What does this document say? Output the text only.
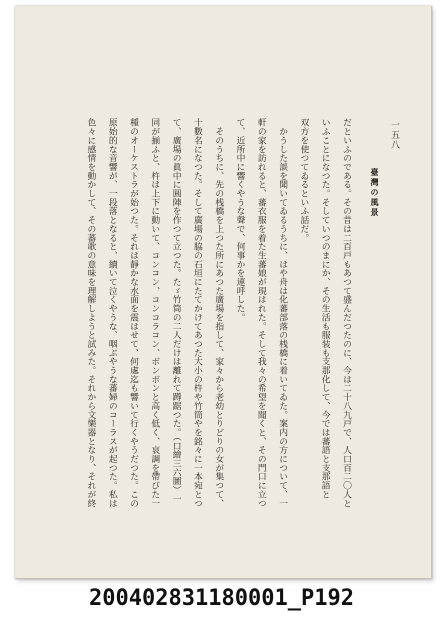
一五八
臺灣の風景

だといふのである。その昔は二百戸もあつて盛んだつたのに、今は二十八九戸で、人口百二〇人と

いふことになつた。そしていつのまにか、その生活も服装も支那化して、今では蕃語と支那語と

双方を使つてゐるといふ話だ。

　かうした談を聞いてゐるうちに、はや舟は化蕃部落の桟橋に着いてゐた。案内の方について、一

軒の家を訪れると、蕃衣服を着た生蕃娘が現はれた。そして我々の希望を聞くと、その門口に立つ

て、近所中に響くやうな聲で、何事かを連呼した。

　そのうちに、先の桟橋を上つた所にあつた廣場を指して、家々から老幼とりどりの女が集つて、

十數名になつた。そして廣場の脇の石垣にたてかけてあつた大小の杵や竹筒やを銘々に一本宛とつ

て、廣場の眞中に圓陣を作つて立つた。たゞ竹筒の二人だけは離れて蹲踞つた。（口繪三六圖）一

同が揃ふと、杵は上下に動いて、コンコン、コンコラコン、ボンボンと高く低く、哀調を帶びた一

種のオーケストラが始つた。それは靜かな水面を震はせて、何處迄も響いて行くやうだつた。この

原始的な音響が、一段落となると、續いて泣くやうな、咽ぶやうな蕃婦のコーラスが起つた。私は

色々に感情を動かして、その蕃歌の意味を理解しようと試みた。それから文樂器となり、それが終

200402831180001_P192
